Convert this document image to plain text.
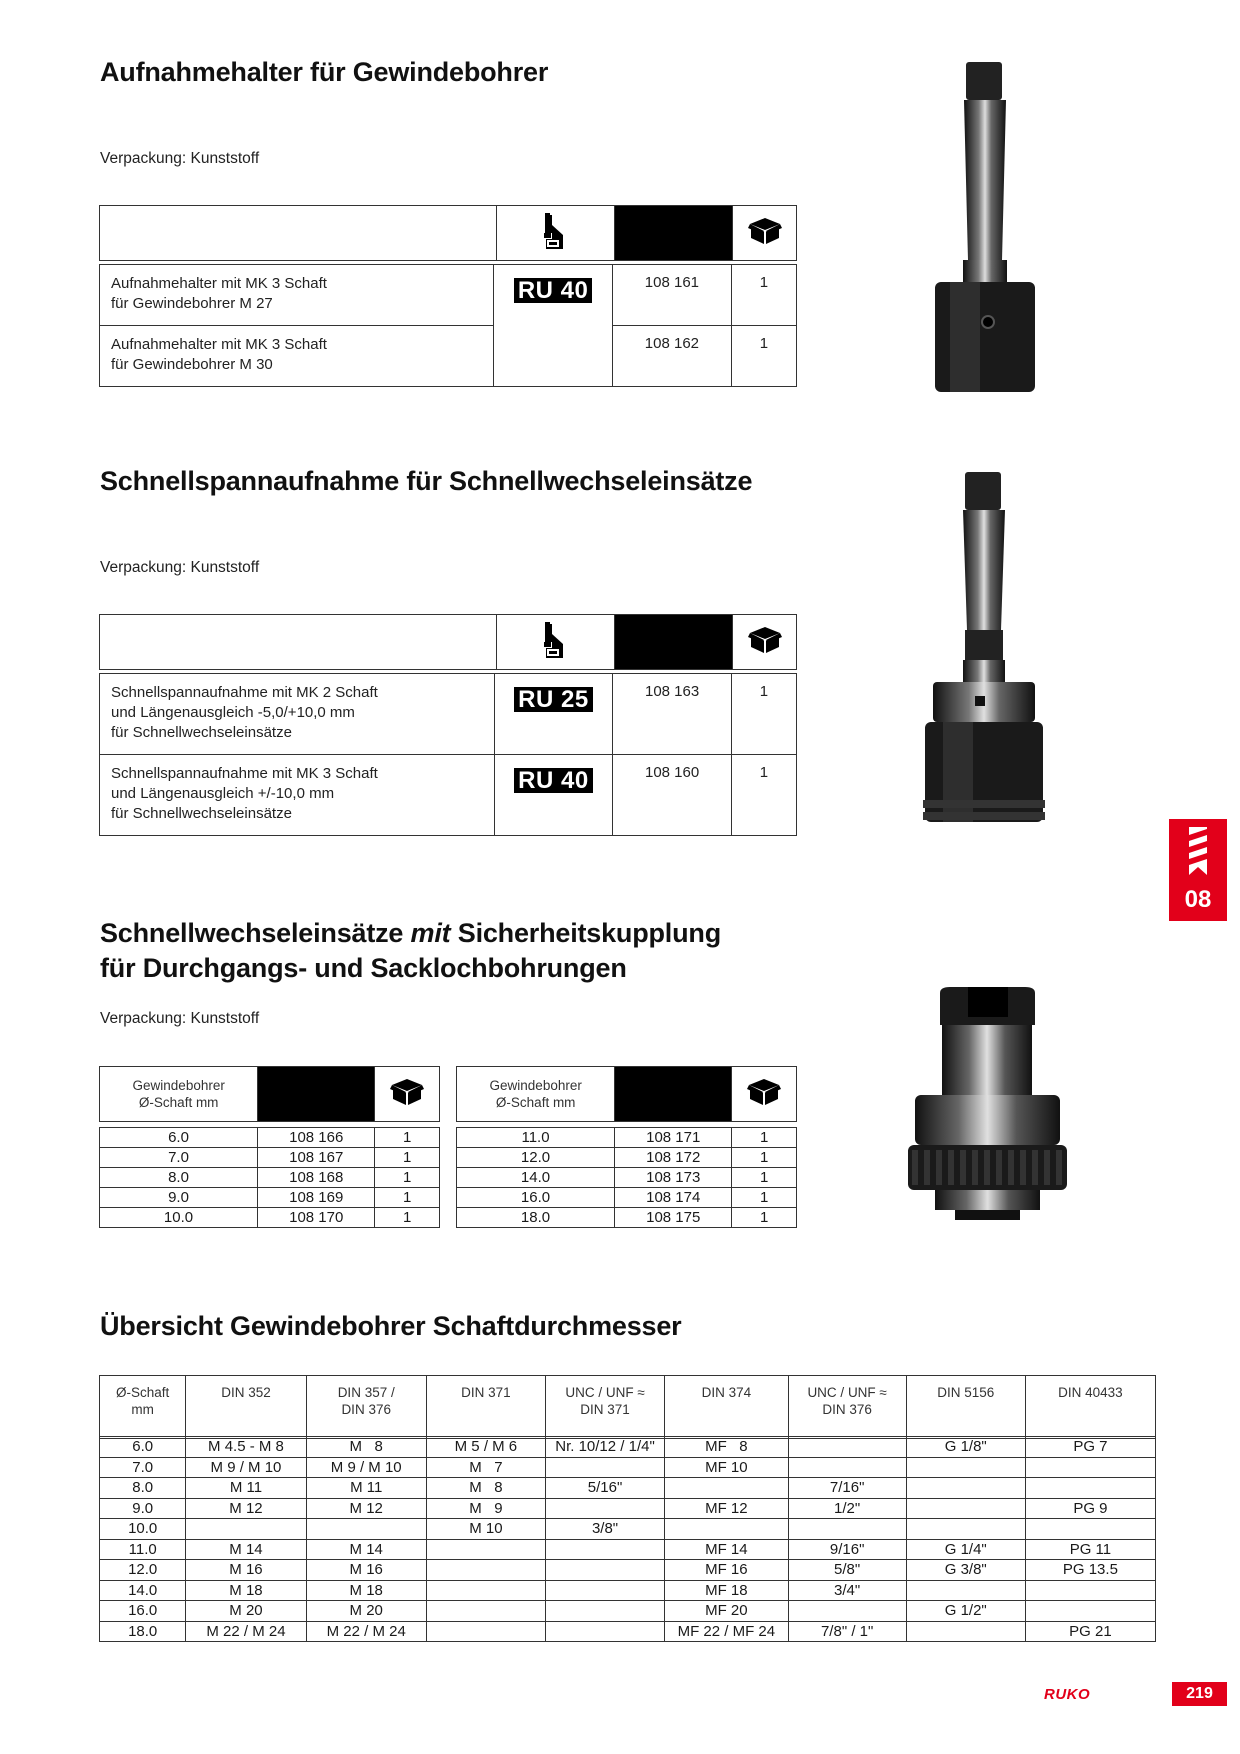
Aufnahmehalter für Gewindebohrer
Verpackung: Kunststoff

Aufnahmehalter mit MK 3 Schaft
für Gewindebohrer M 27	RU 40	108 161	1
Aufnahmehalter mit MK 3 Schaft
für Gewindebohrer M 30		108 162	1
Schnellspannaufnahme für Schnellwechseleinsätze
Verpackung: Kunststoff

Schnellspannaufnahme mit MK 2 Schaft
und Längenausgleich -5,0/+10,0 mm
für Schnellwechseleinsätze	RU 25	108 163	1
Schnellspannaufnahme mit MK 3 Schaft
und Längenausgleich +/-10,0 mm
für Schnellwechseleinsätze	RU 40	108 160	1
08
Schnellwechseleinsätze mit Sicherheitskupplung
für Durchgangs- und Sacklochbohrungen
Verpackung: Kunststoff
Gewindebohrer
Ø-Schaft mm		
6.0	108 166	1
7.0	108 167	1
8.0	108 168	1
9.0	108 169	1
10.0	108 170	1
Gewindebohrer
Ø-Schaft mm		
11.0	108 171	1
12.0	108 172	1
14.0	108 173	1
16.0	108 174	1
18.0	108 175	1
Übersicht Gewindebohrer Schaftdurchmesser
Ø-Schaft
mm	DIN 352	DIN 357 /
DIN 376	DIN 371	UNC / UNF ≈
DIN 371	DIN 374	UNC / UNF ≈
DIN 376	DIN 5156	DIN 40433

6.0	M 4.5 - M 8	M   8	M 5 / M 6	Nr. 10/12 / 1/4"	MF   8		G 1/8"	PG 7
7.0	M 9 / M 10	M 9 / M 10	M   7		MF 10			
8.0	M 11	M 11	M   8	5/16"		7/16"		
9.0	M 12	M 12	M   9		MF 12	1/2"		PG 9
10.0			M 10	3/8"				
11.0	M 14	M 14			MF 14	9/16"	G 1/4"	PG 11
12.0	M 16	M 16			MF 16	5/8"	G 3/8"	PG 13.5
14.0	M 18	M 18			MF 18	3/4"		
16.0	M 20	M 20			MF 20		G 1/2"	
18.0	M 22 / M 24	M 22 / M 24			MF 22 / MF 24	7/8" / 1"		PG 21
RUKO	219
